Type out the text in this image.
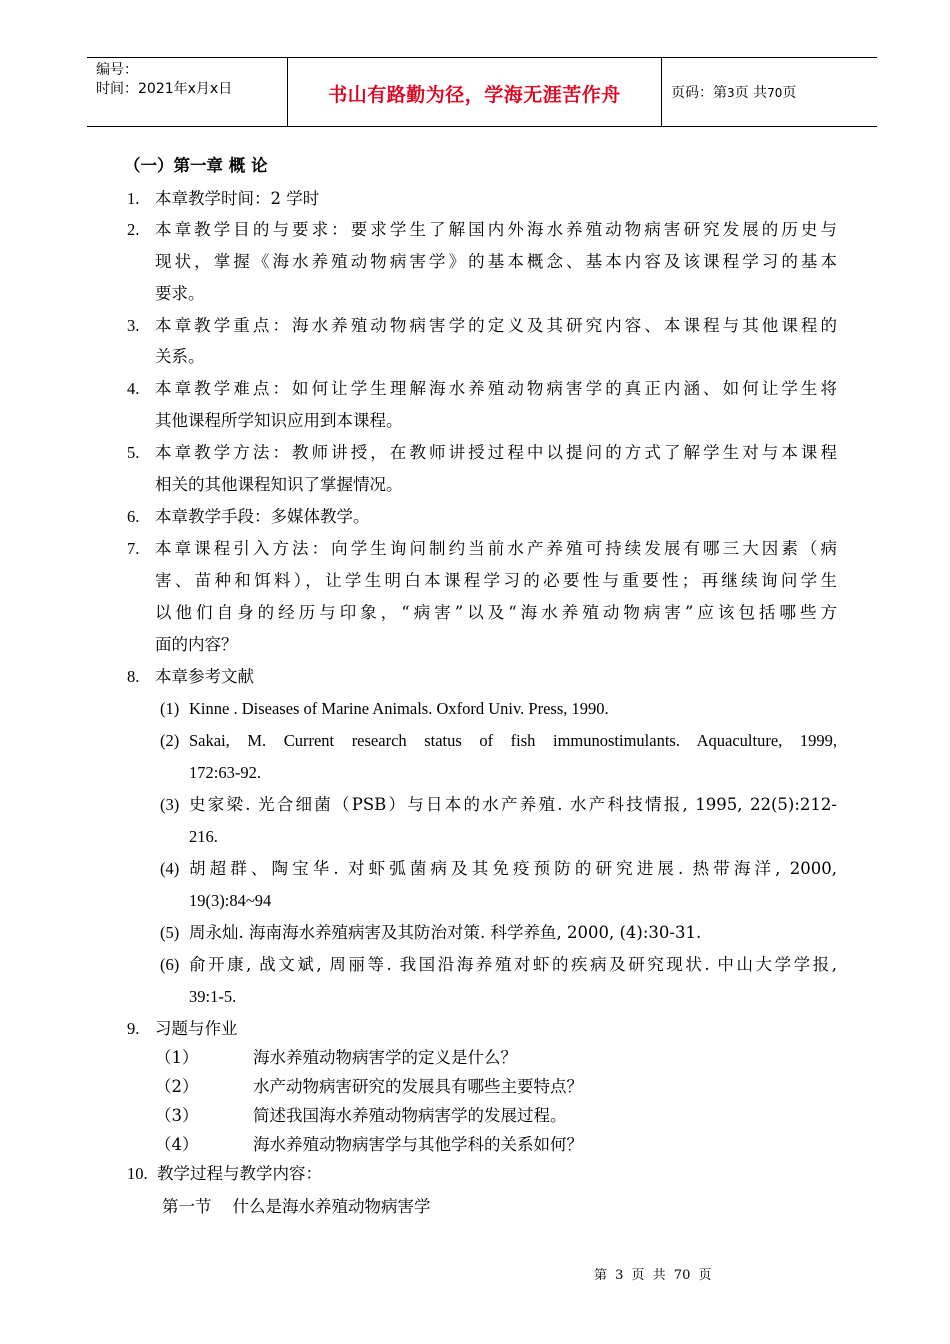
编号：
时间：2021年x月x日	书山有路勤为径，学海无涯苦作舟	页码：第3页 共70页
（一）第一章 概 论
1. 本章教学时间：2 学时
2. 本章教学目的与要求：要求学生了解国内外海水养殖动物病害研究发展的历史与
现状，掌握《海水养殖动物病害学》的基本概念、基本内容及该课程学习的基本
要求。
3. 本章教学重点：海水养殖动物病害学的定义及其研究内容、本课程与其他课程的
关系。
4. 本章教学难点：如何让学生理解海水养殖动物病害学的真正内涵、如何让学生将
其他课程所学知识应用到本课程。
5. 本章教学方法：教师讲授，在教师讲授过程中以提问的方式了解学生对与本课程
相关的其他课程知识了掌握情况。
6. 本章教学手段：多媒体教学。
7. 本章课程引入方法：向学生询问制约当前水产养殖可持续发展有哪三大因素（病
害、苗种和饵料），让学生明白本课程学习的必要性与重要性；再继续询问学生
以他们自身的经历与印象，“病害”以及“海水养殖动物病害”应该包括哪些方
面的内容？
8. 本章参考文献
(1) Kinne . Diseases of Marine Animals. Oxford Univ. Press, 1990.
(2) Sakai, M. Current research status of fish immunostimulants. Aquaculture, 1999,
172:63-92.
(3) 史家梁. 光合细菌（PSB）与日本的水产养殖. 水产科技情报, 1995, 22(5):212-
216.
(4) 胡超群、陶宝华. 对虾弧菌病及其免疫预防的研究进展. 热带海洋, 2000,
19(3):84~94
(5) 周永灿. 海南海水养殖病害及其防治对策. 科学养鱼, 2000, (4):30-31.
(6) 俞开康, 战文斌, 周丽等. 我国沿海养殖对虾的疾病及研究现状. 中山大学学报,
39:1-5.
9. 习题与作业
（1）	海水养殖动物病害学的定义是什么？
（2）	水产动物病害研究的发展具有哪些主要特点？
（3）	简述我国海水养殖动物病害学的发展过程。
（4）	海水养殖动物病害学与其他学科的关系如何？
10. 教学过程与教学内容：
第一节    什么是海水养殖动物病害学
第 3 页 共 70 页
